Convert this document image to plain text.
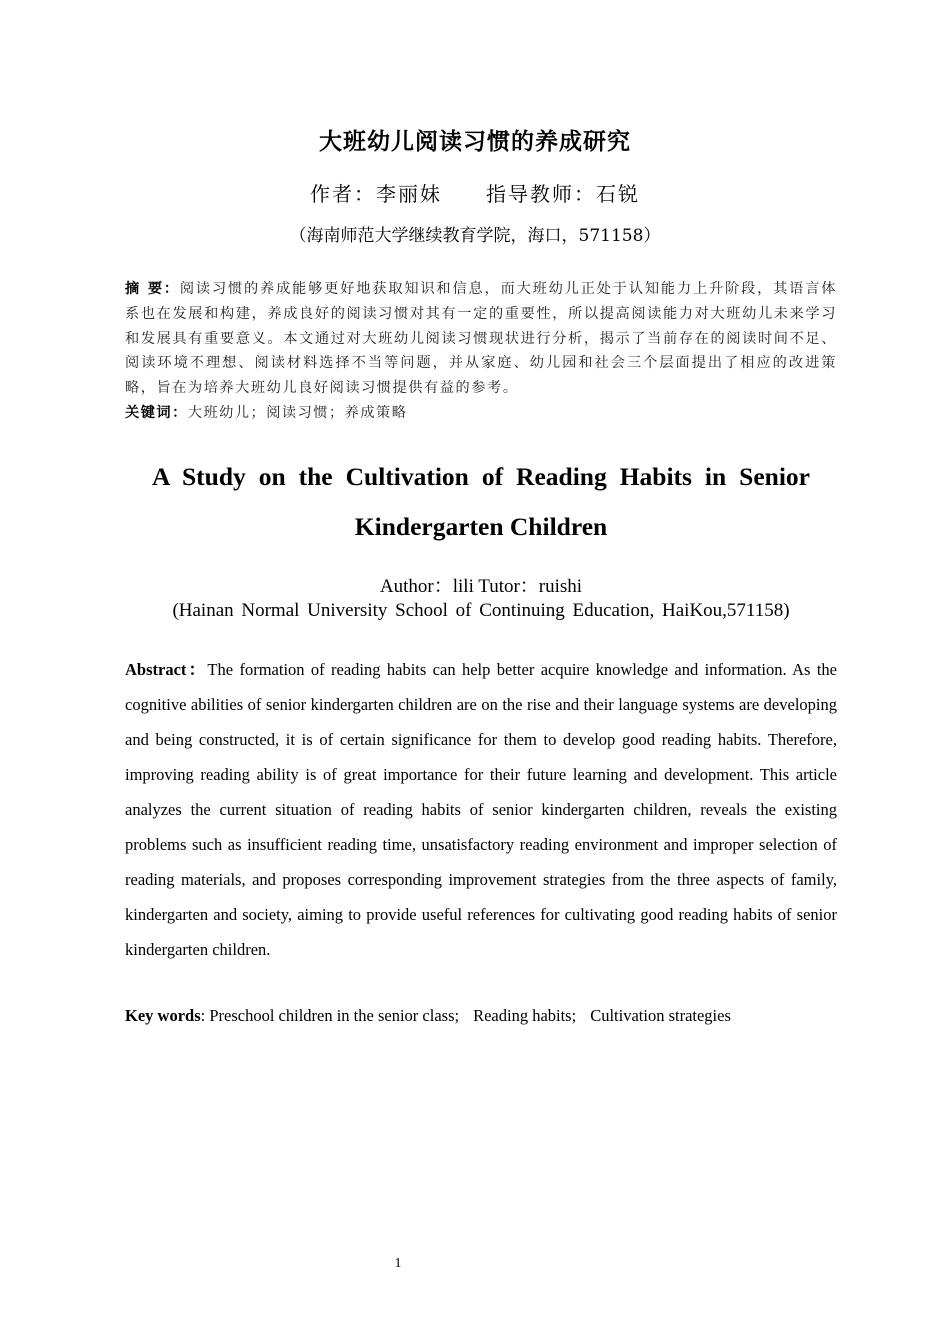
大班幼儿阅读习惯的养成研究
作者：李丽妹 指导教师：石锐
（海南师范大学继续教育学院，海口，571158）
摘 要：阅读习惯的养成能够更好地获取知识和信息，而大班幼儿正处于认知能力上升阶段，其语言体系也在发展和构建，养成良好的阅读习惯对其有一定的重要性，所以提高阅读能力对大班幼儿未来学习和发展具有重要意义。本文通过对大班幼儿阅读习惯现状进行分析，揭示了当前存在的阅读时间不足、阅读环境不理想、阅读材料选择不当等问题，并从家庭、幼儿园和社会三个层面提出了相应的改进策略，旨在为培养大班幼儿良好阅读习惯提供有益的参考。
关键词：大班幼儿；阅读习惯；养成策略
A Study on the Cultivation of Reading Habits in Senior Kindergarten Children
Author：lili Tutor：ruishi
(Hainan Normal University School of Continuing Education, HaiKou,571158)
Abstract：The formation of reading habits can help better acquire knowledge and information. As the cognitive abilities of senior kindergarten children are on the rise and their language systems are developing and being constructed, it is of certain significance for them to develop good reading habits. Therefore, improving reading ability is of great importance for their future learning and development. This article analyzes the current situation of reading habits of senior kindergarten children, reveals the existing problems such as insufficient reading time, unsatisfactory reading environment and improper selection of reading materials, and proposes corresponding improvement strategies from the three aspects of family, kindergarten and society, aiming to provide useful references for cultivating good reading habits of senior kindergarten children.
Key words: Preschool children in the senior class; Reading habits; Cultivation strategies
1
